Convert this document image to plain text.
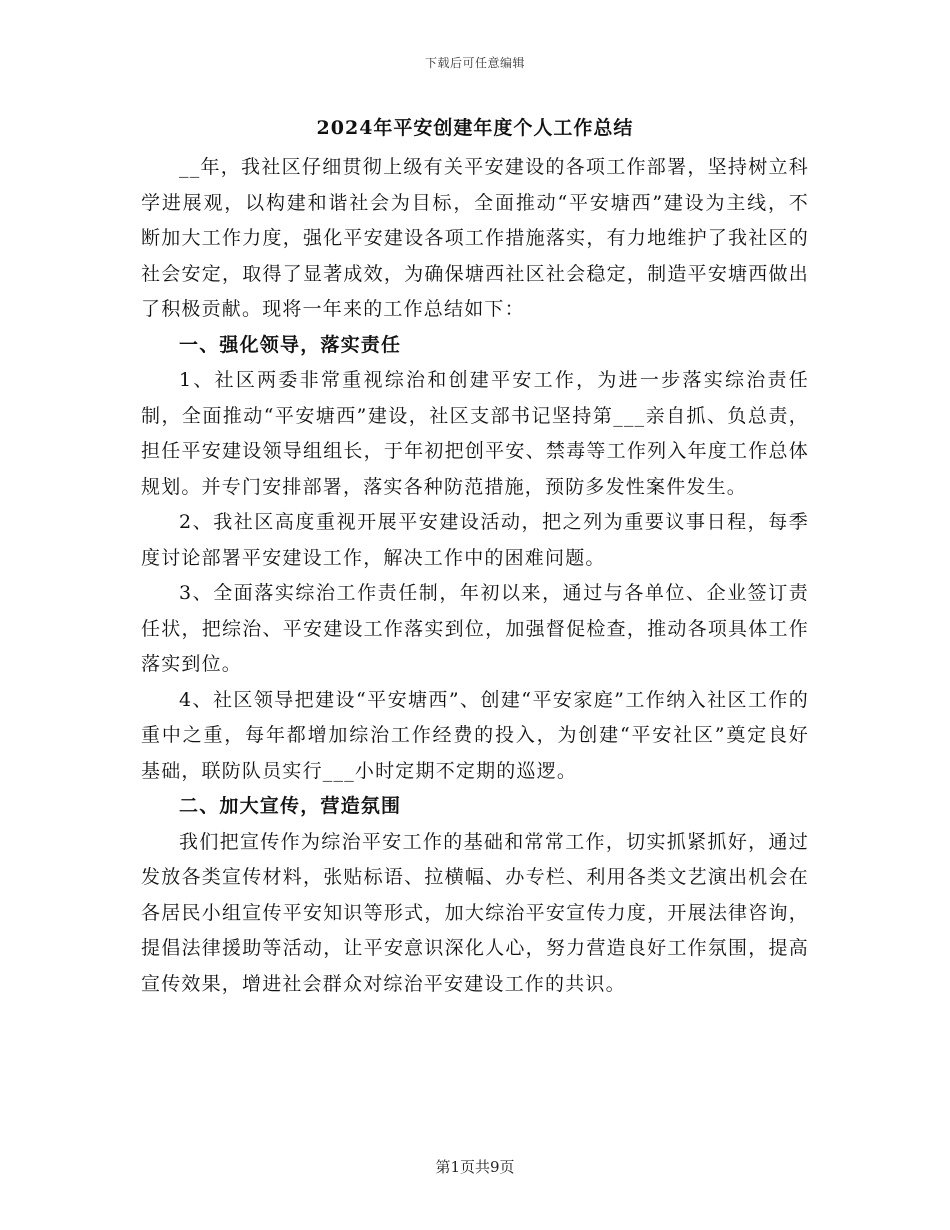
下载后可任意编辑
2024年平安创建年度个人工作总结

__年，我社区仔细贯彻上级有关平安建设的各项工作部署，坚持树立科学进展观，以构建和谐社会为目标，全面推动“平安塘西”建设为主线，不断加大工作力度，强化平安建设各项工作措施落实，有力地维护了我社区的社会安定，取得了显著成效，为确保塘西社区社会稳定，制造平安塘西做出了积极贡献。现将一年来的工作总结如下：

一、强化领导，落实责任

1、社区两委非常重视综治和创建平安工作，为进一步落实综治责任制，全面推动“平安塘西”建设，社区支部书记坚持第___亲自抓、负总责，担任平安建设领导组组长，于年初把创平安、禁毒等工作列入年度工作总体规划。并专门安排部署，落实各种防范措施，预防多发性案件发生。

2、我社区高度重视开展平安建设活动，把之列为重要议事日程，每季度讨论部署平安建设工作，解决工作中的困难问题。

3、全面落实综治工作责任制，年初以来，通过与各单位、企业签订责任状，把综治、平安建设工作落实到位，加强督促检查，推动各项具体工作落实到位。

4、社区领导把建设“平安塘西”、创建“平安家庭”工作纳入社区工作的重中之重，每年都增加综治工作经费的投入，为创建“平安社区”奠定良好基础，联防队员实行___小时定期不定期的巡逻。

二、加大宣传，营造氛围

我们把宣传作为综治平安工作的基础和常常工作，切实抓紧抓好，通过发放各类宣传材料，张贴标语、拉横幅、办专栏、利用各类文艺演出机会在各居民小组宣传平安知识等形式，加大综治平安宣传力度，开展法律咨询，提倡法律援助等活动，让平安意识深化人心，努力营造良好工作氛围，提高宣传效果，增进社会群众对综治平安建设工作的共识。

第1页共9页
